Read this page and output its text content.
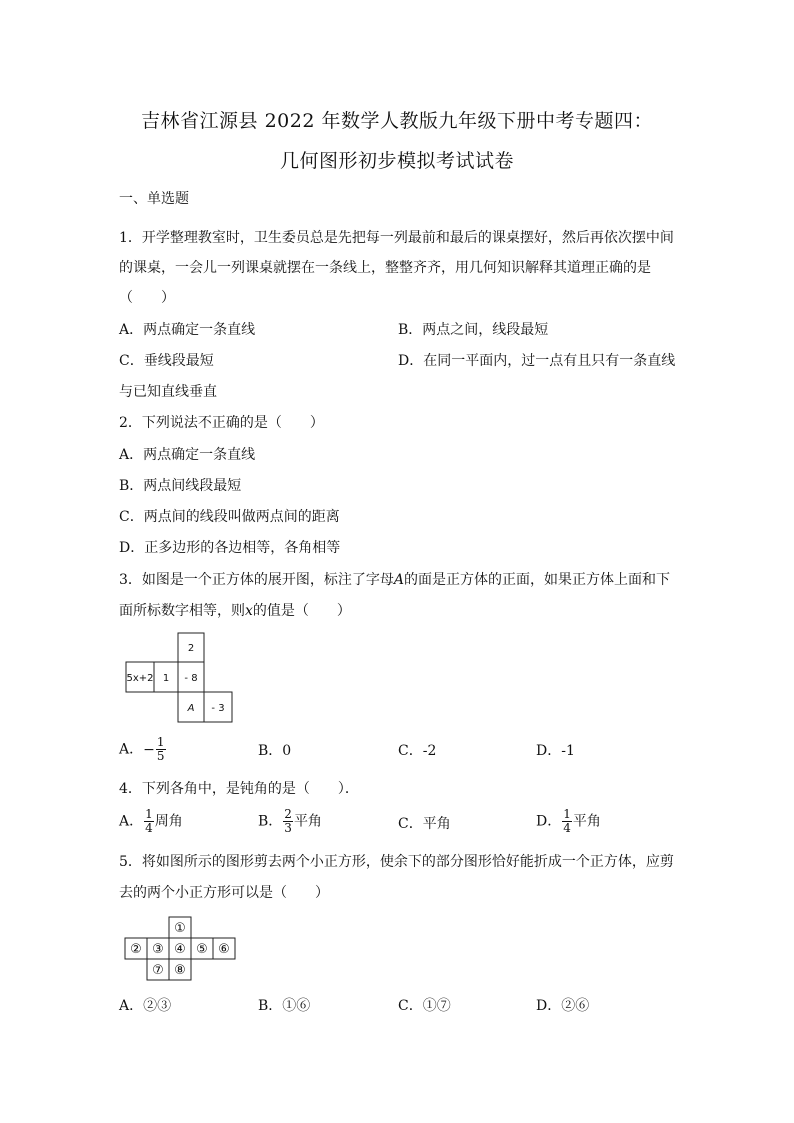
吉林省江源县 2022 年数学人教版九年级下册中考专题四：
几何图形初步模拟考试试卷
一、单选题
1．开学整理教室时，卫生委员总是先把每一列最前和最后的课桌摆好，然后再依次摆中间
的课桌，一会儿一列课桌就摆在一条线上，整整齐齐，用几何知识解释其道理正确的是
（　　）
A．两点确定一条直线	B．两点之间，线段最短
C．垂线段最短	D．在同一平面内，过一点有且只有一条直线
与已知直线垂直
2．下列说法不正确的是（　　）
A．两点确定一条直线
B．两点间线段最短
C．两点间的线段叫做两点间的距离
D．正多边形的各边相等，各角相等
3．如图是一个正方体的展开图，标注了字母A的面是正方体的正面，如果正方体上面和下
面所标数字相等，则x的值是（　　）
2
5x+2 1 - 8
A - 3
A．− $\frac{1}{5}$	B．0	C．-2	D．-1
4．下列各角中，是钝角的是（　　）．
A． $\frac{1}{4}$ 周角	B． $\frac{2}{3}$ 平角	C．平角	D． $\frac{1}{4}$ 平角
5．将如图所示的图形剪去两个小正方形，使余下的部分图形恰好能折成一个正方体，应剪
去的两个小正方形可以是（　　）
①
② ③ ④ ⑤ ⑥
⑦ ⑧
A．②③	B．①⑥	C．①⑦	D．②⑥
